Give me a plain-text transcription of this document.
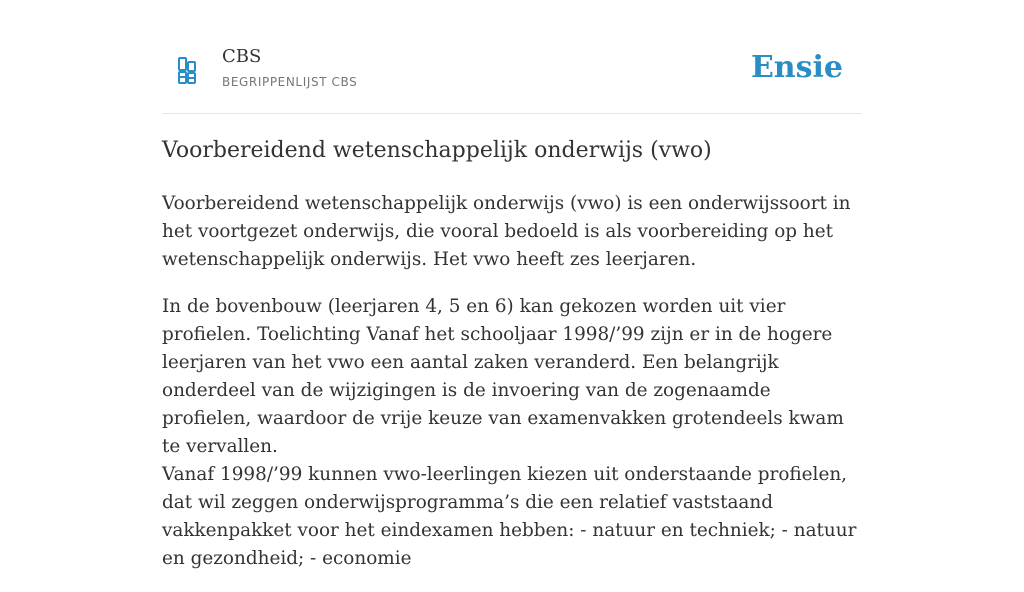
CBS
BEGRIPPENLIJST CBS	Ensie
Voorbereidend wetenschappelijk onderwijs (vwo)

Voorbereidend wetenschappelijk onderwijs (vwo) is een onderwijssoort in het voortgezet onderwijs, die vooral bedoeld is als voorbereiding op het wetenschappelijk onderwijs. Het vwo heeft zes leerjaren.

In de bovenbouw (leerjaren 4, 5 en 6) kan gekozen worden uit vier profielen. Toelichting Vanaf het schooljaar 1998/’99 zijn er in de hogere leerjaren van het vwo een aantal zaken veranderd. Een belangrijk onderdeel van de wijzigingen is de invoering van de zogenaamde profielen, waardoor de vrije keuze van examenvakken grotendeels kwam te vervallen.

Vanaf 1998/’99 kunnen vwo-leerlingen kiezen uit onderstaande profielen, dat wil zeggen onderwijsprogramma’s die een relatief vaststaand vakkenpakket voor het eindexamen hebben: - natuur en techniek; - natuur en gezondheid; - economie
